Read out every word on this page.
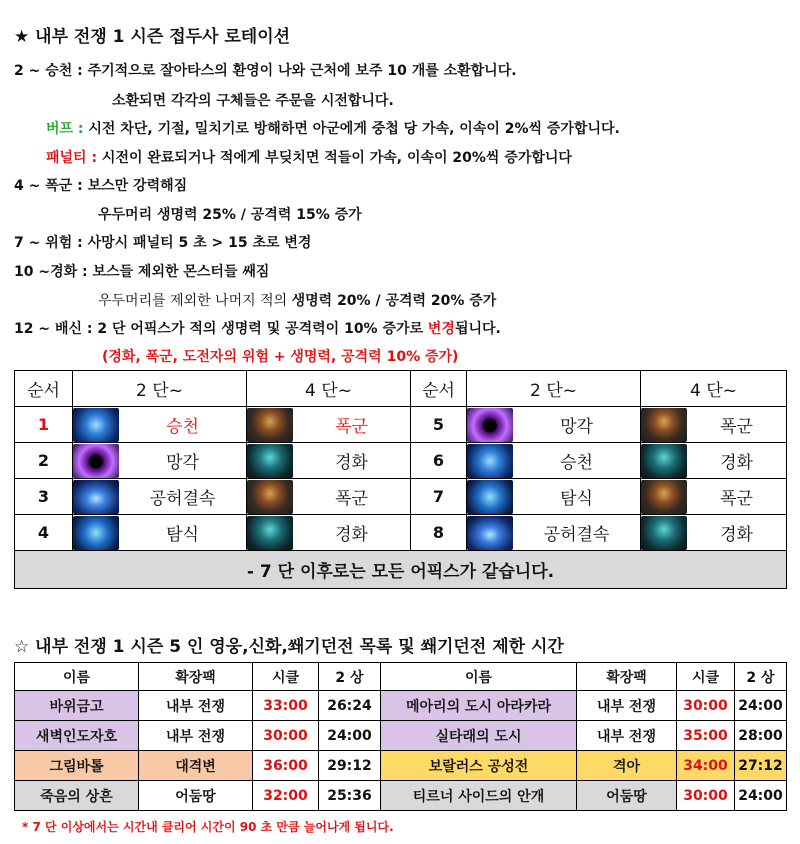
★ 내부 전쟁 1 시즌 접두사 로테이션
2 ~ 승천 : 주기적으로 잘아타스의 환영이 나와 근처에 보주 10 개를 소환합니다.
소환되면 각각의 구체들은 주문을 시전합니다.
버프 : 시전 차단, 기절, 밀치기로 방해하면 아군에게 중첩 당 가속, 이속이 2%씩 증가합니다.
패널티 : 시전이 완료되거나 적에게 부딪치면 적들이 가속, 이속이 20%씩 증가합니다
4 ~ 폭군 : 보스만 강력해짐
우두머리 생명력 25% / 공격력 15% 증가
7 ~ 위험 : 사망시 패널티 5 초 > 15 초로 변경
10 ~경화 : 보스들 제외한 몬스터들 쌔짐
우두머리를 제외한 나머지 적의 생명력 20% / 공격력 20% 증가
12 ~ 배신 : 2 단 어픽스가 적의 생명력 및 공격력이 10% 증가로 변경됩니다.
(경화, 폭군, 도전자의 위험 + 생명력, 공격력 10% 증가)
순서	2 단~	4 단~	순서	2 단~	4 단~
1	승천	폭군	5	망각	폭군

2	망각	경화	6	승천	경화

3	공허결속	폭군	7	탐식	폭군

4	탐식	경화	8	공허결속	경화

- 7 단 이후로는 모든 어픽스가 같습니다.					
☆ 내부 전쟁 1 시즌 5 인 영웅,신화,쐐기던전 목록 및 쐐기던전 제한 시간
이름	확장팩	시클	2 상	이름	확장팩	시클	2 상
바위금고	내부 전쟁	33:00	26:24	메아리의 도시 아라카라	내부 전쟁	30:00	24:00
새벽인도자호	내부 전쟁	30:00	24:00	실타래의 도시	내부 전쟁	35:00	28:00
그림바톨	대격변	36:00	29:12	보랄러스 공성전	격아	34:00	27:12
죽음의 상흔	어둠땅	32:00	25:36	티르너 사이드의 안개	어둠땅	30:00	24:00
* 7 단 이상에서는 시간내 클리어 시간이 90 초 만큼 늘어나게 됩니다.
